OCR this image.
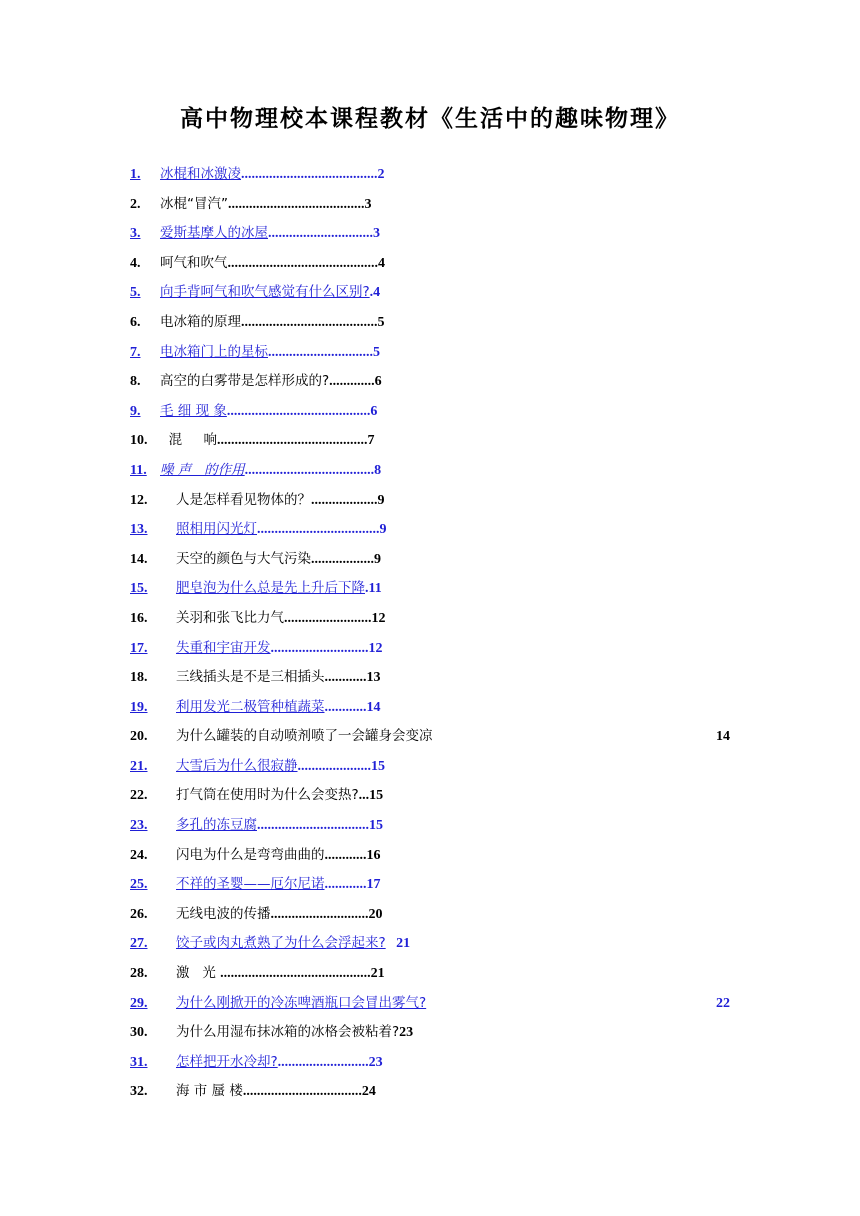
高中物理校本课程教材《生活中的趣味物理》
1. 冰棍和冰激凌.......................................2
2. 冰棍“冒汽”.......................................3
3. 爱斯基摩人的冰屋..............................3
4. 呵气和吹气...........................................4
5. 向手背呵气和吹气感觉有什么区别?.4
6. 电冰箱的原理.......................................5
7. 电冰箱门上的星标..............................5
8. 高空的白雾带是怎样形成的?.............6
9. 毛 细 现 象.........................................6
10. 混     响...........................................7
11. 噪 声   的作用.....................................8
12. 人是怎样看见物体的？...................9
13. 照相用闪光灯...................................9
14. 天空的颜色与大气污染..................9
15. 肥皂泡为什么总是先上升后下降.11
16. 关羽和张飞比力气.........................12
17. 失重和宇宙开发............................12
18. 三线插头是不是三相插头............13
19. 利用发光二极管种植蔬菜............14
20. 为什么罐装的自动喷剂喷了一会罐身会变凉	14
21. 大雪后为什么很寂静.....................15
22. 打气筒在使用时为什么会变热?...15
23. 多孔的冻豆腐................................15
24. 闪电为什么是弯弯曲曲的............16
25. 不祥的圣婴——厄尔尼诺............17
26. 无线电波的传播............................20
27. 饺子或肉丸煮熟了为什么会浮起来? 21
28. 激   光 ...........................................21
29. 为什么刚掀开的冷冻啤酒瓶口会冒出雾气?	22
30. 为什么用湿布抹冰箱的冰格会被粘着?23
31. 怎样把开水冷却?..........................23
32. 海 市 蜃 楼..................................24
